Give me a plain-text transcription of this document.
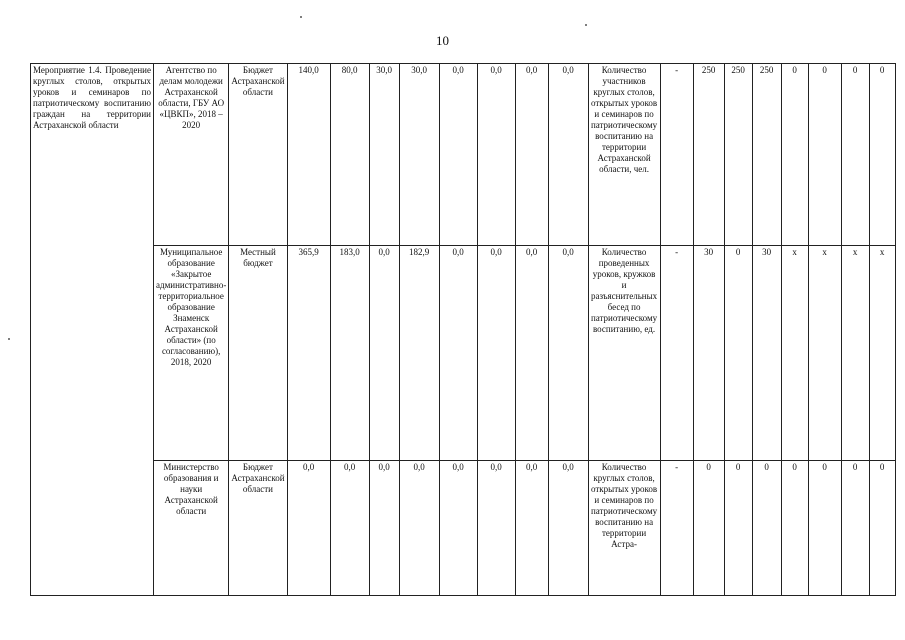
10
Мероприятие 1.4. Проведение круглых столов, открытых уроков и семинаров по патриотическому воспитанию граждан на территории Астраханской области	Агентство по делам молодежи Астраханской области, ГБУ АО «ЦВКП», 2018 – 2020	Бюджет Астраханской области	140,0	80,0	30,0	30,0	0,0	0,0	0,0	0,0	Количество участников круглых столов, открытых уроков и семинаров по патриотическому воспитанию на территории Астраханской области, чел.	-	250	250	250	0	0	0	0
	Муниципальное образование «Закрытое административно-территориальное образование Знаменск Астраханской области» (по согласованию), 2018, 2020	Местный бюджет	365,9	183,0	0,0	182,9	0,0	0,0	0,0	0,0	Количество проведенных уроков, кружков и разъяснительных бесед по патриотическому воспитанию, ед.	-	30	0	30	x	x	x	x
	Министерство образования и науки Астраханской области	Бюджет Астраханской области	0,0	0,0	0,0	0,0	0,0	0,0	0,0	0,0	Количество круглых столов, открытых уроков и семинаров по патриотическому воспитанию на территории Астра-	-	0	0	0	0	0	0	0
